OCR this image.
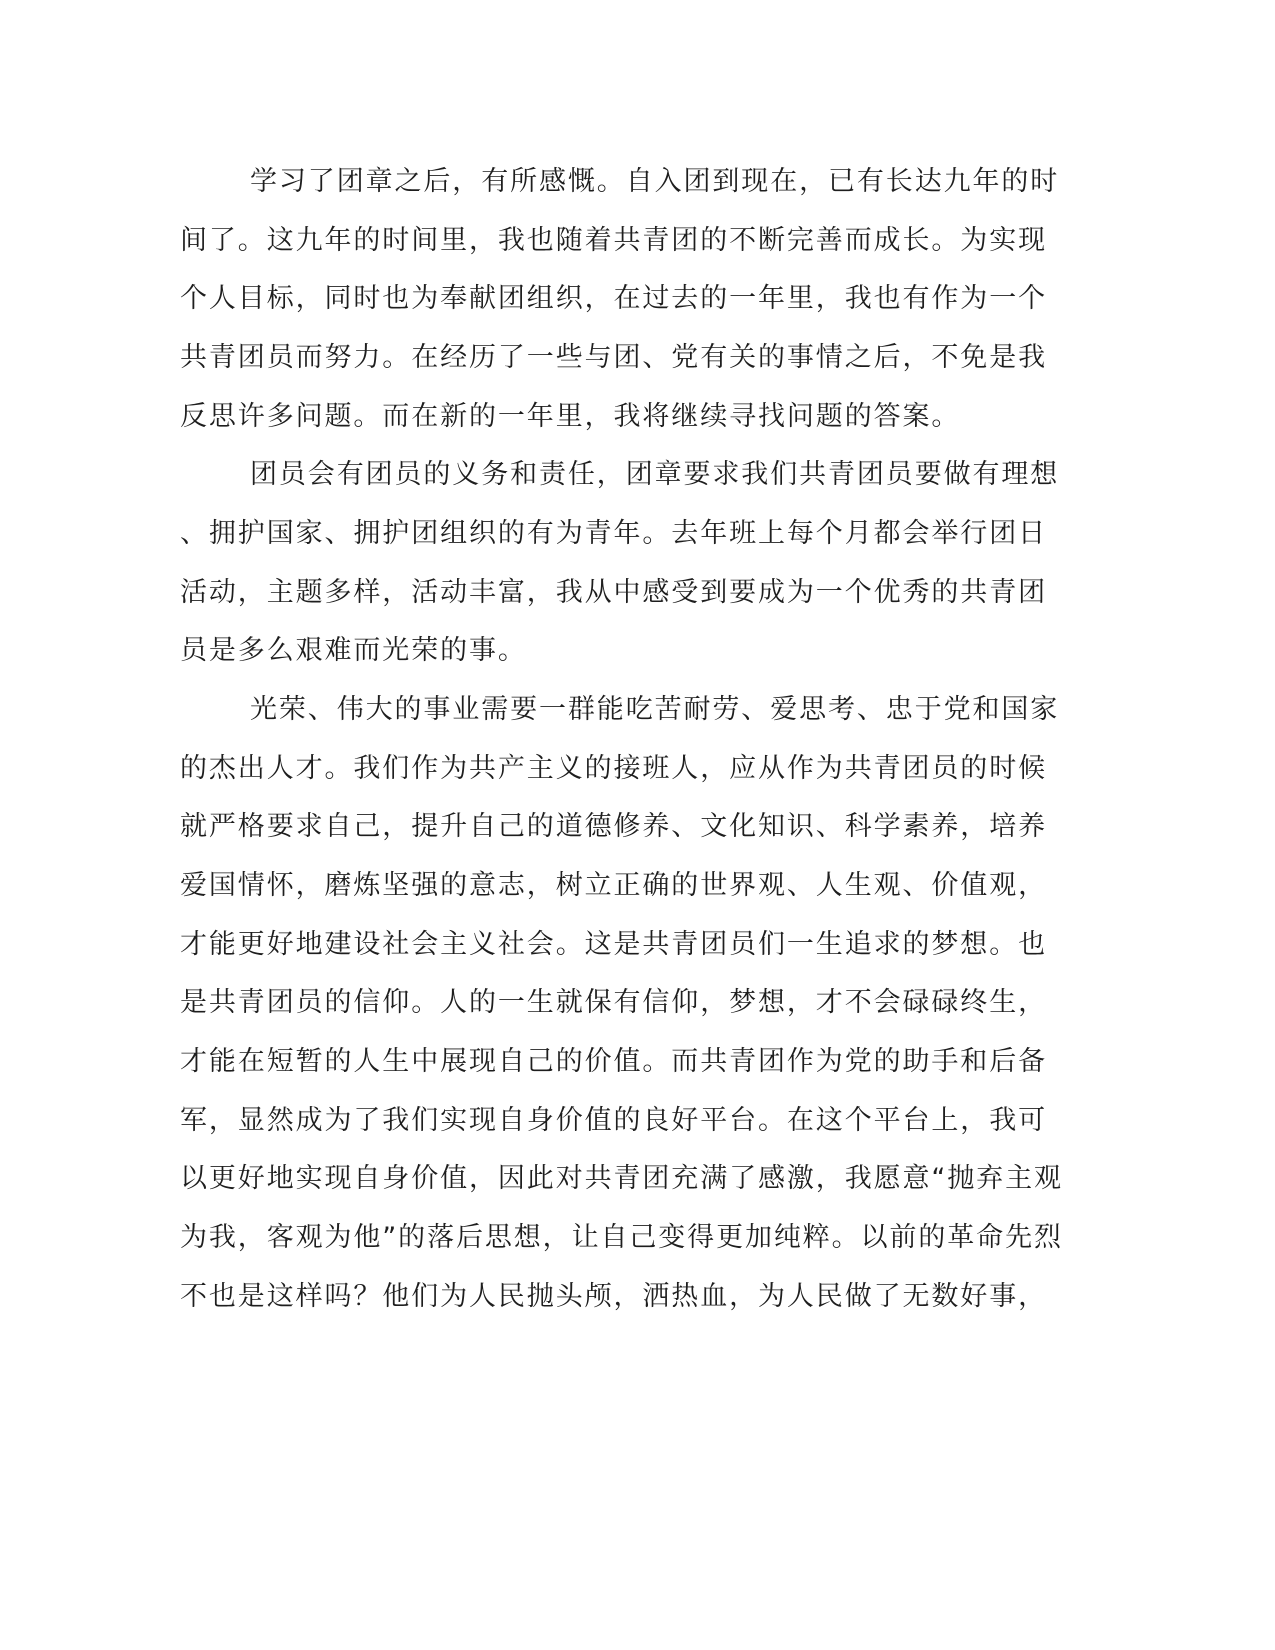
学习了团章之后，有所感慨。自入团到现在，已有长达九年的时
间了。这九年的时间里，我也随着共青团的不断完善而成长。为实现
个人目标，同时也为奉献团组织，在过去的一年里，我也有作为一个
共青团员而努力。在经历了一些与团、党有关的事情之后，不免是我
反思许多问题。而在新的一年里，我将继续寻找问题的答案。
团员会有团员的义务和责任，团章要求我们共青团员要做有理想
、拥护国家、拥护团组织的有为青年。去年班上每个月都会举行团日
活动，主题多样，活动丰富，我从中感受到要成为一个优秀的共青团
员是多么艰难而光荣的事。
光荣、伟大的事业需要一群能吃苦耐劳、爱思考、忠于党和国家
的杰出人才。我们作为共产主义的接班人，应从作为共青团员的时候
就严格要求自己，提升自己的道德修养、文化知识、科学素养，培养
爱国情怀，磨炼坚强的意志，树立正确的世界观、人生观、价值观，
才能更好地建设社会主义社会。这是共青团员们一生追求的梦想。也
是共青团员的信仰。人的一生就保有信仰，梦想，才不会碌碌终生，
才能在短暂的人生中展现自己的价值。而共青团作为党的助手和后备
军，显然成为了我们实现自身价值的良好平台。在这个平台上，我可
以更好地实现自身价值，因此对共青团充满了感激，我愿意“抛弃主观
为我，客观为他”的落后思想，让自己变得更加纯粹。以前的革命先烈
不也是这样吗？他们为人民抛头颅，洒热血，为人民做了无数好事，
